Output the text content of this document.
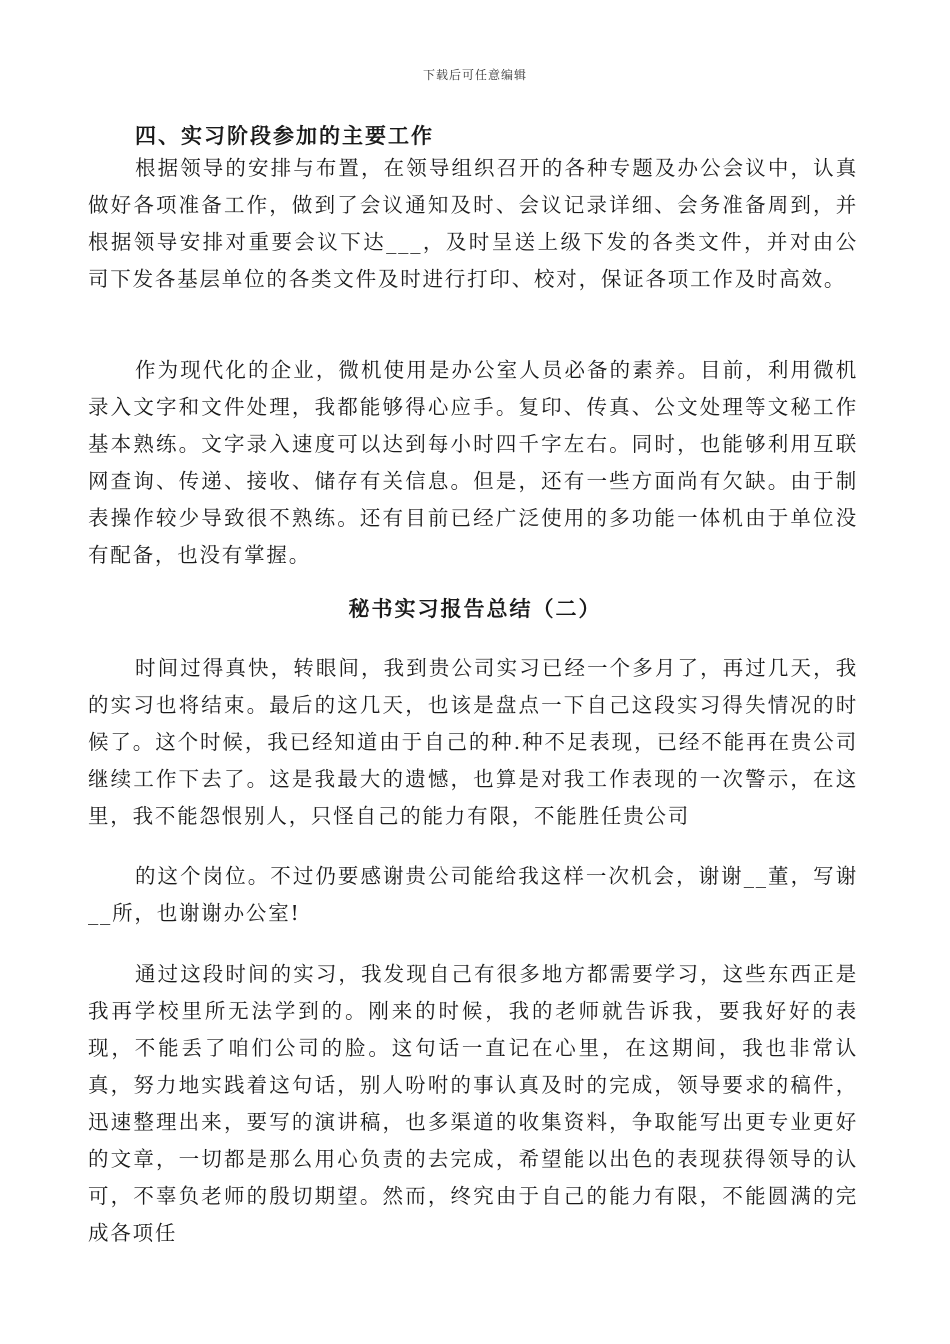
下载后可任意编辑
四、实习阶段参加的主要工作

根据领导的安排与布置，在领导组织召开的各种专题及办公会议中，认真做好各项准备工作，做到了会议通知及时、会议记录详细、会务准备周到，并根据领导安排对重要会议下达___，及时呈送上级下发的各类文件，并对由公司下发各基层单位的各类文件及时进行打印、校对，保证各项工作及时高效。

作为现代化的企业，微机使用是办公室人员必备的素养。目前，利用微机录入文字和文件处理，我都能够得心应手。复印、传真、公文处理等文秘工作基本熟练。文字录入速度可以达到每小时四千字左右。同时，也能够利用互联网查询、传递、接收、储存有关信息。但是，还有一些方面尚有欠缺。由于制表操作较少导致很不熟练。还有目前已经广泛使用的多功能一体机由于单位没有配备，也没有掌握。

秘书实习报告总结（二）

时间过得真快，转眼间，我到贵公司实习已经一个多月了，再过几天，我的实习也将结束。最后的这几天，也该是盘点一下自己这段实习得失情况的时候了。这个时候，我已经知道由于自己的种.种不足表现，已经不能再在贵公司继续工作下去了。这是我最大的遗憾，也算是对我工作表现的一次警示，在这里，我不能怨恨别人，只怪自己的能力有限，不能胜任贵公司

的这个岗位。不过仍要感谢贵公司能给我这样一次机会，谢谢__董，写谢__所，也谢谢办公室!

通过这段时间的实习，我发现自己有很多地方都需要学习，这些东西正是我再学校里所无法学到的。刚来的时候，我的老师就告诉我，要我好好的表现，不能丢了咱们公司的脸。这句话一直记在心里，在这期间，我也非常认真，努力地实践着这句话，别人吩咐的事认真及时的完成，领导要求的稿件，迅速整理出来，要写的演讲稿，也多渠道的收集资料，争取能写出更专业更好的文章，一切都是那么用心负责的去完成，希望能以出色的表现获得领导的认可，不辜负老师的殷切期望。然而，终究由于自己的能力有限，不能圆满的完成各项任
